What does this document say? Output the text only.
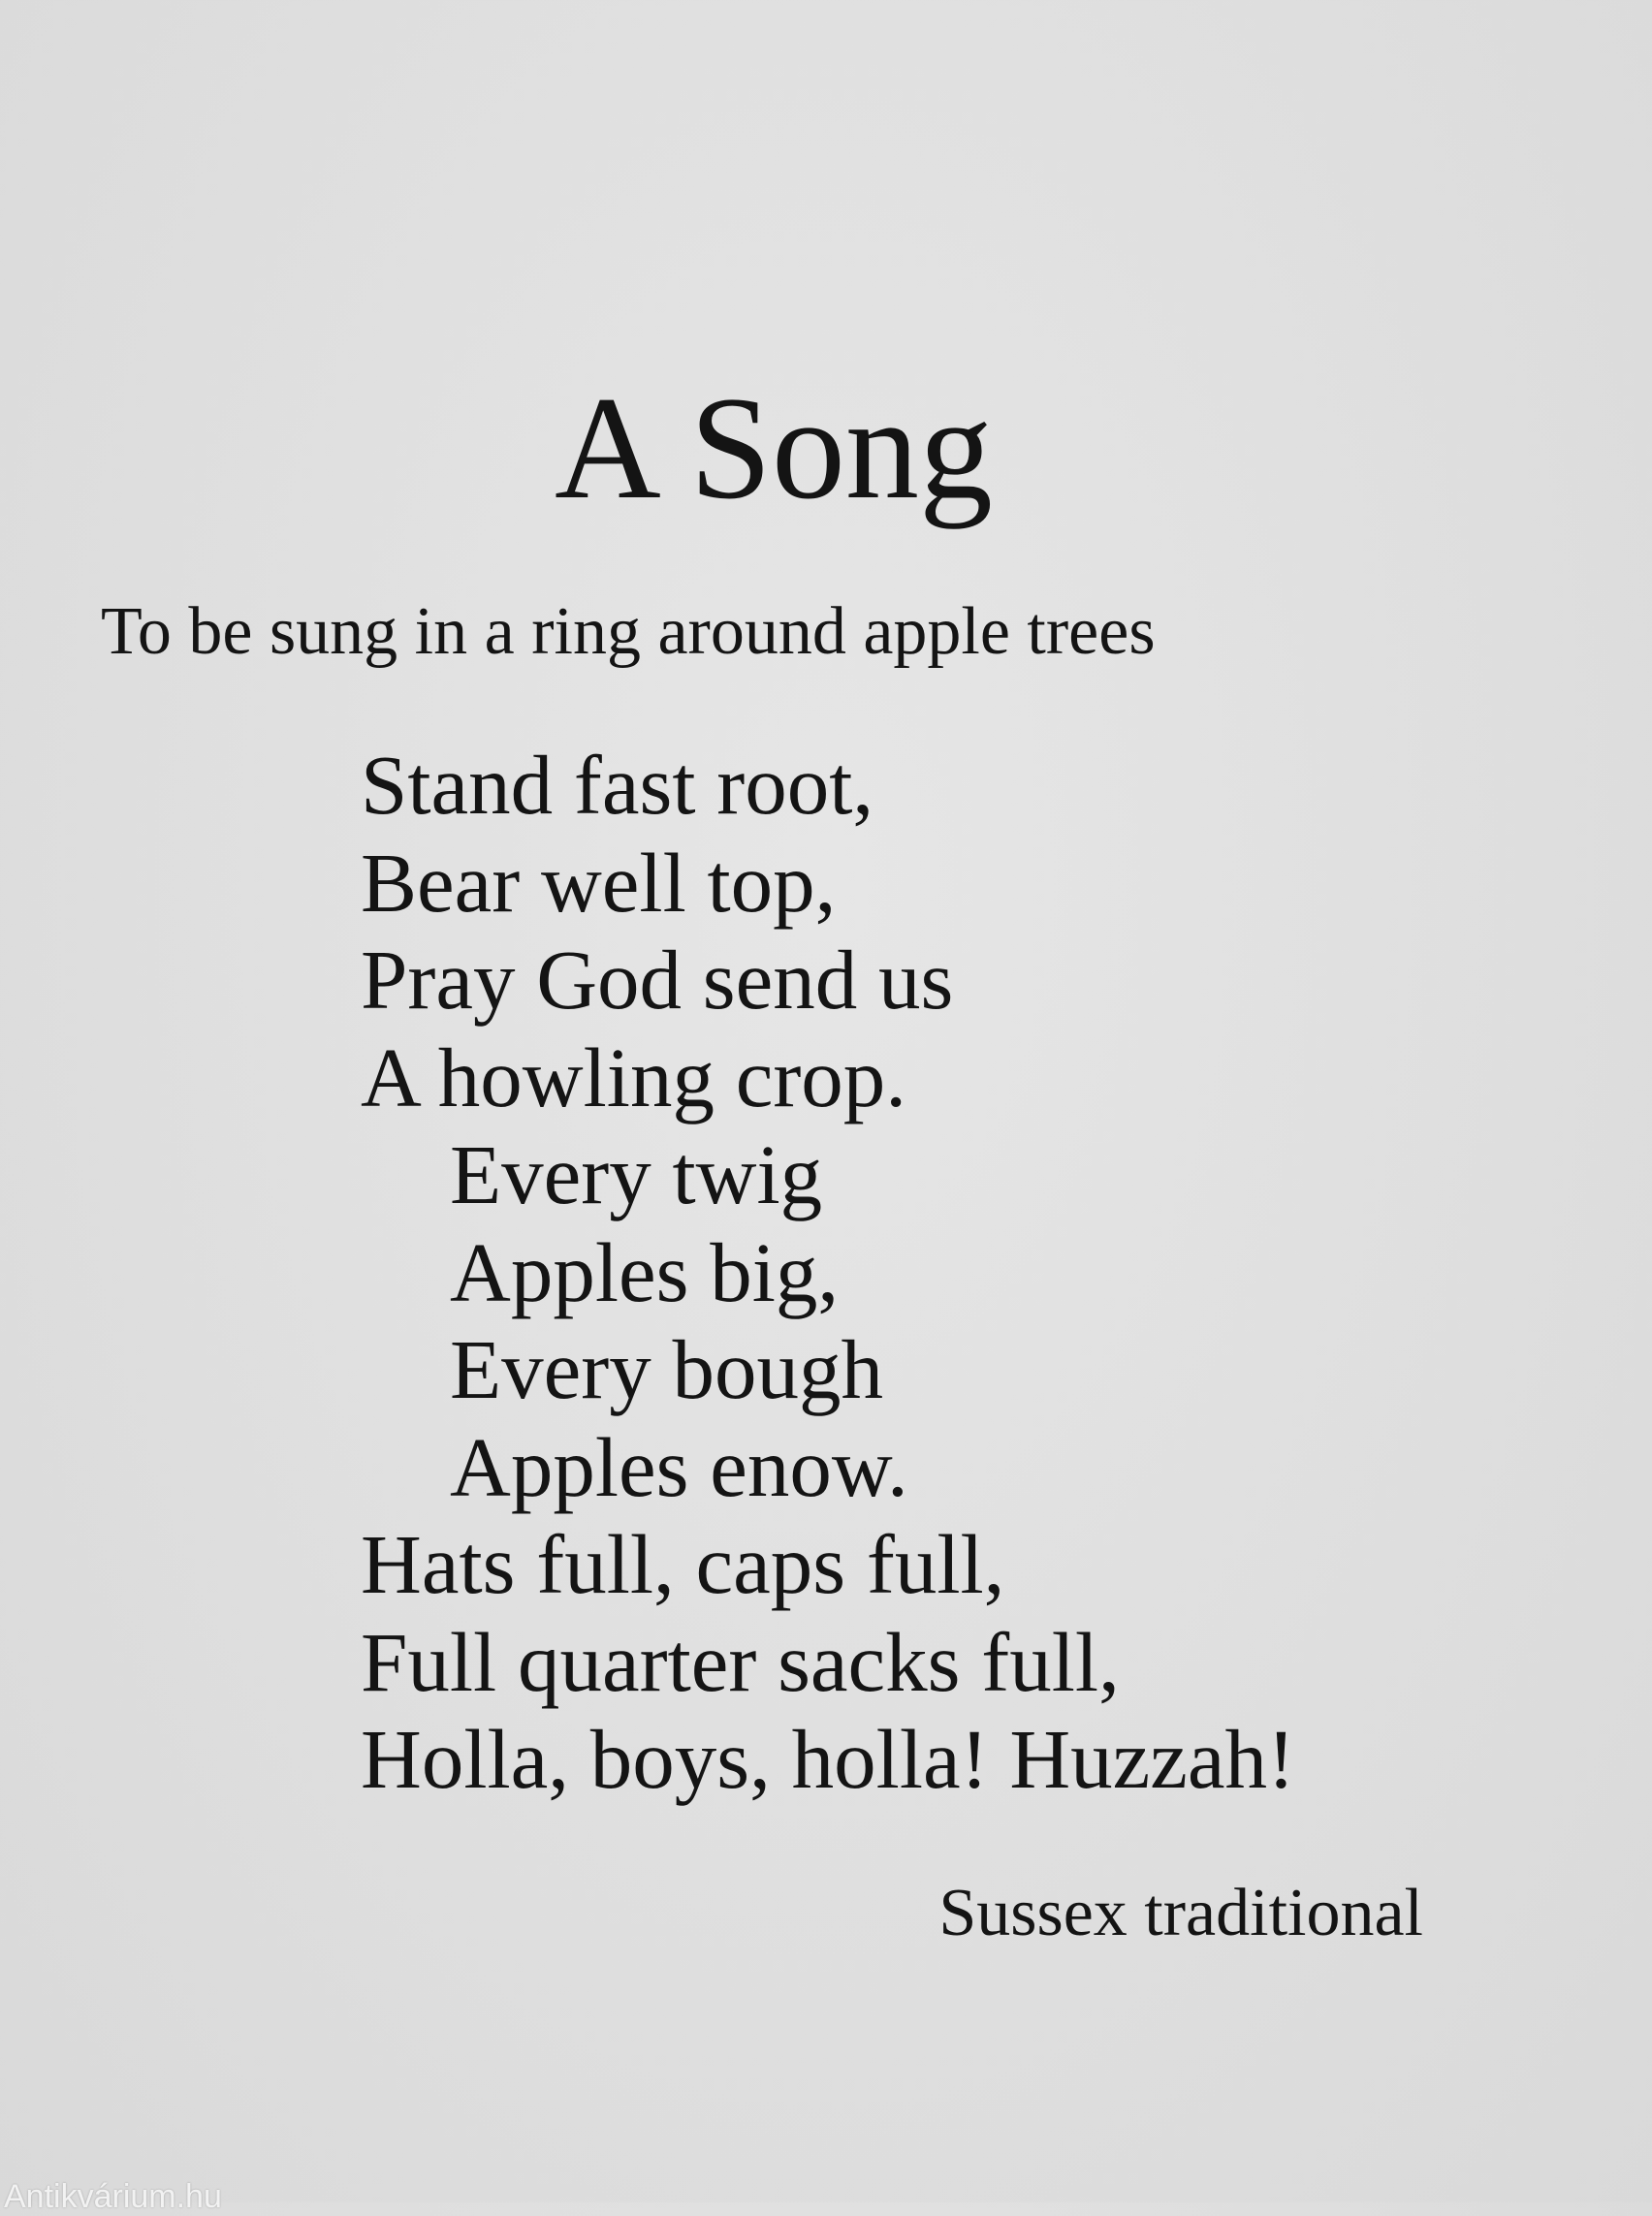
A Song
To be sung in a ring around apple trees
Stand fast root,
Bear well top,
Pray God send us
A howling crop.
Every twig
Apples big,
Every bough
Apples enow.
Hats full, caps full,
Full quarter sacks full,
Holla, boys, holla! Huzzah!
Sussex traditional
Antikvárium.hu
